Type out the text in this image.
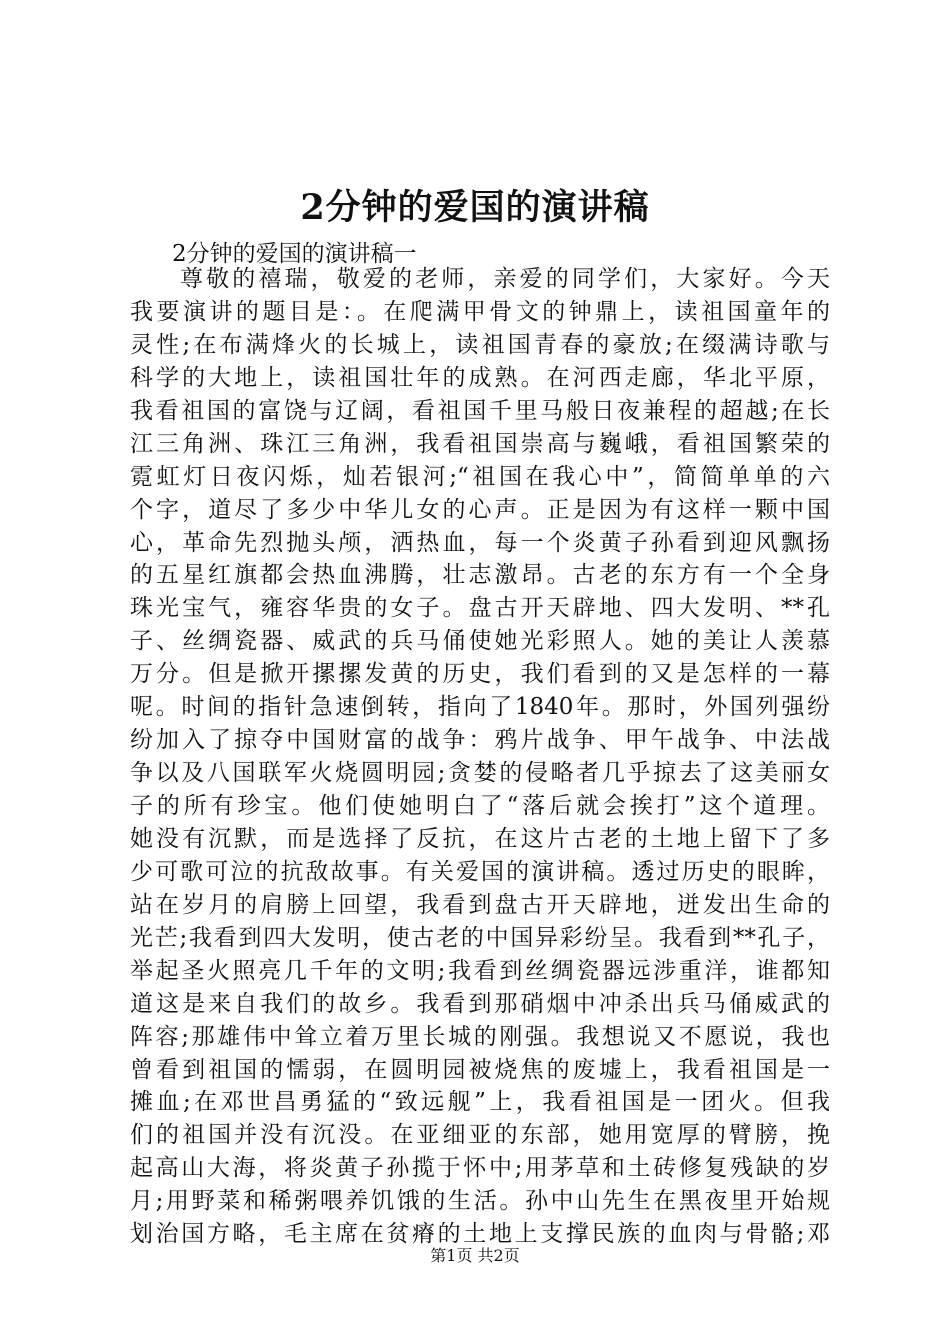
2分钟的爱国的演讲稿
2分钟的爱国的演讲稿一
尊敬的禧瑞，敬爱的老师，亲爱的同学们，大家好。今天
我要演讲的题目是：。在爬满甲骨文的钟鼎上，读祖国童年的
灵性;在布满烽火的长城上，读祖国青春的豪放;在缀满诗歌与
科学的大地上，读祖国壮年的成熟。在河西走廊，华北平原，
我看祖国的富饶与辽阔，看祖国千里马般日夜兼程的超越;在长
江三角洲、珠江三角洲，我看祖国崇高与巍峨，看祖国繁荣的
霓虹灯日夜闪烁，灿若银河;“祖国在我心中”，简简单单的六
个字，道尽了多少中华儿女的心声。正是因为有这样一颗中国
心，革命先烈抛头颅，洒热血，每一个炎黄子孙看到迎风飘扬
的五星红旗都会热血沸腾，壮志激昂。古老的东方有一个全身
珠光宝气，雍容华贵的女子。盘古开天辟地、四大发明、**孔
子、丝绸瓷器、威武的兵马俑使她光彩照人。她的美让人羡慕
万分。但是掀开摞摞发黄的历史，我们看到的又是怎样的一幕
呢。时间的指针急速倒转，指向了1840年。那时，外国列强纷
纷加入了掠夺中国财富的战争：鸦片战争、甲午战争、中法战
争以及八国联军火烧圆明园;贪婪的侵略者几乎掠去了这美丽女
子的所有珍宝。他们使她明白了“落后就会挨打”这个道理。
她没有沉默，而是选择了反抗，在这片古老的土地上留下了多
少可歌可泣的抗敌故事。有关爱国的演讲稿。透过历史的眼眸，
站在岁月的肩膀上回望，我看到盘古开天辟地，迸发出生命的
光芒;我看到四大发明，使古老的中国异彩纷呈。我看到**孔子，
举起圣火照亮几千年的文明;我看到丝绸瓷器远涉重洋，谁都知
道这是来自我们的故乡。我看到那硝烟中冲杀出兵马俑威武的
阵容;那雄伟中耸立着万里长城的刚强。我想说又不愿说，我也
曾看到祖国的懦弱，在圆明园被烧焦的废墟上，我看祖国是一
摊血;在邓世昌勇猛的“致远舰”上，我看祖国是一团火。但我
们的祖国并没有沉没。在亚细亚的东部，她用宽厚的臂膀，挽
起高山大海，将炎黄子孙揽于怀中;用茅草和土砖修复残缺的岁
月;用野菜和稀粥喂养饥饿的生活。孙中山先生在黑夜里开始规
划治国方略，毛主席在贫瘠的土地上支撑民族的血肉与骨骼;邓
第1页 共2页
